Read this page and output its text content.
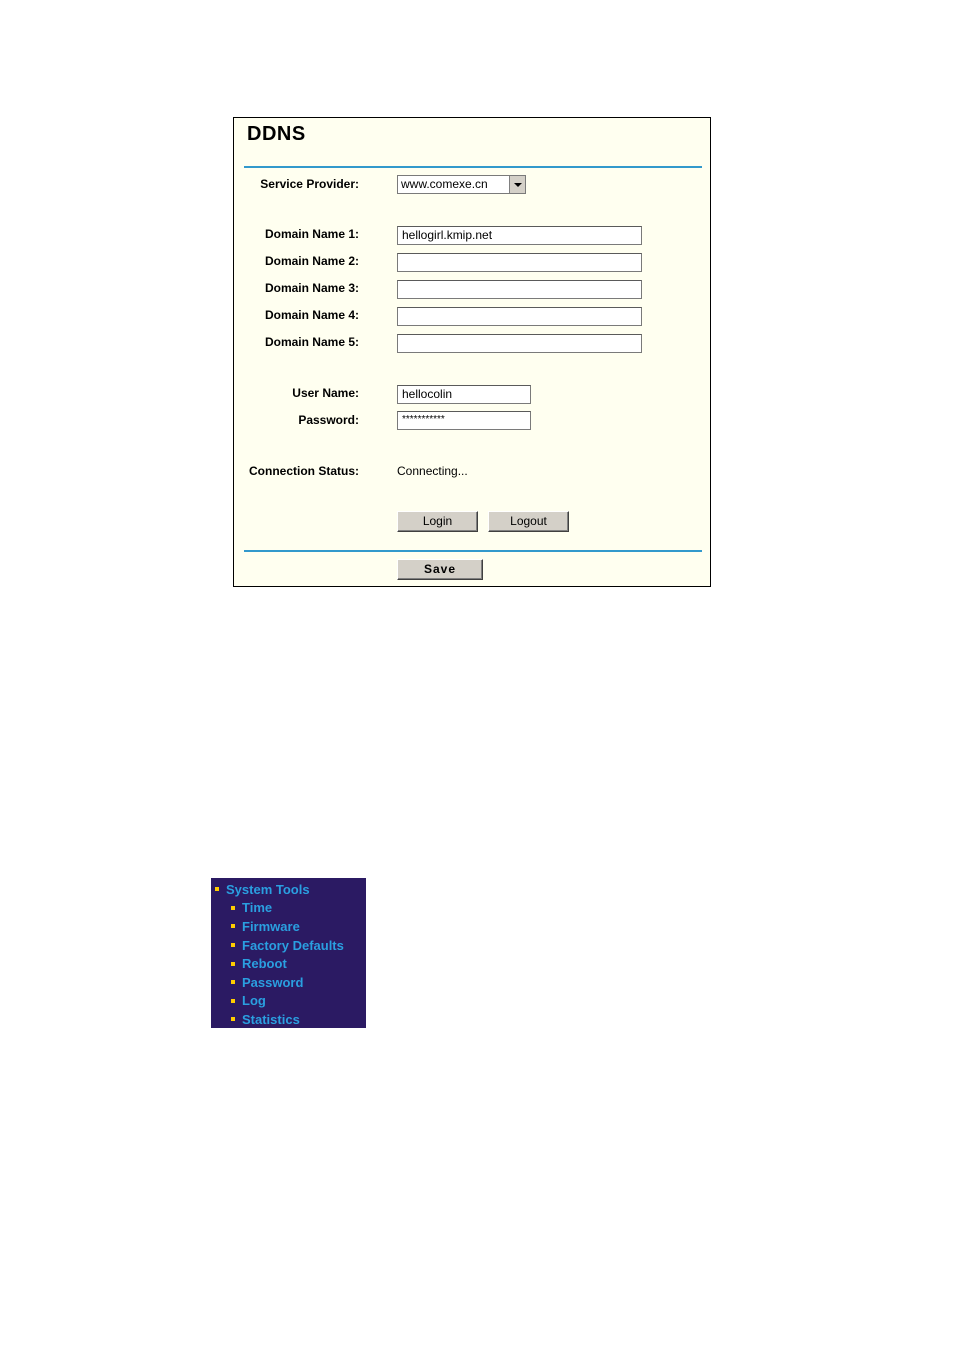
DDNS
Service Provider:	www.comexe.cn
Domain Name 1:	hellogirl.kmip.net
Domain Name 2:
Domain Name 3:
Domain Name 4:
Domain Name 5:
User Name:	hellocolin
Password:	***********
Connection Status:	Connecting...
Login	Logout
Save
System Tools
Time
Firmware
Factory Defaults
Reboot
Password
Log
Statistics
